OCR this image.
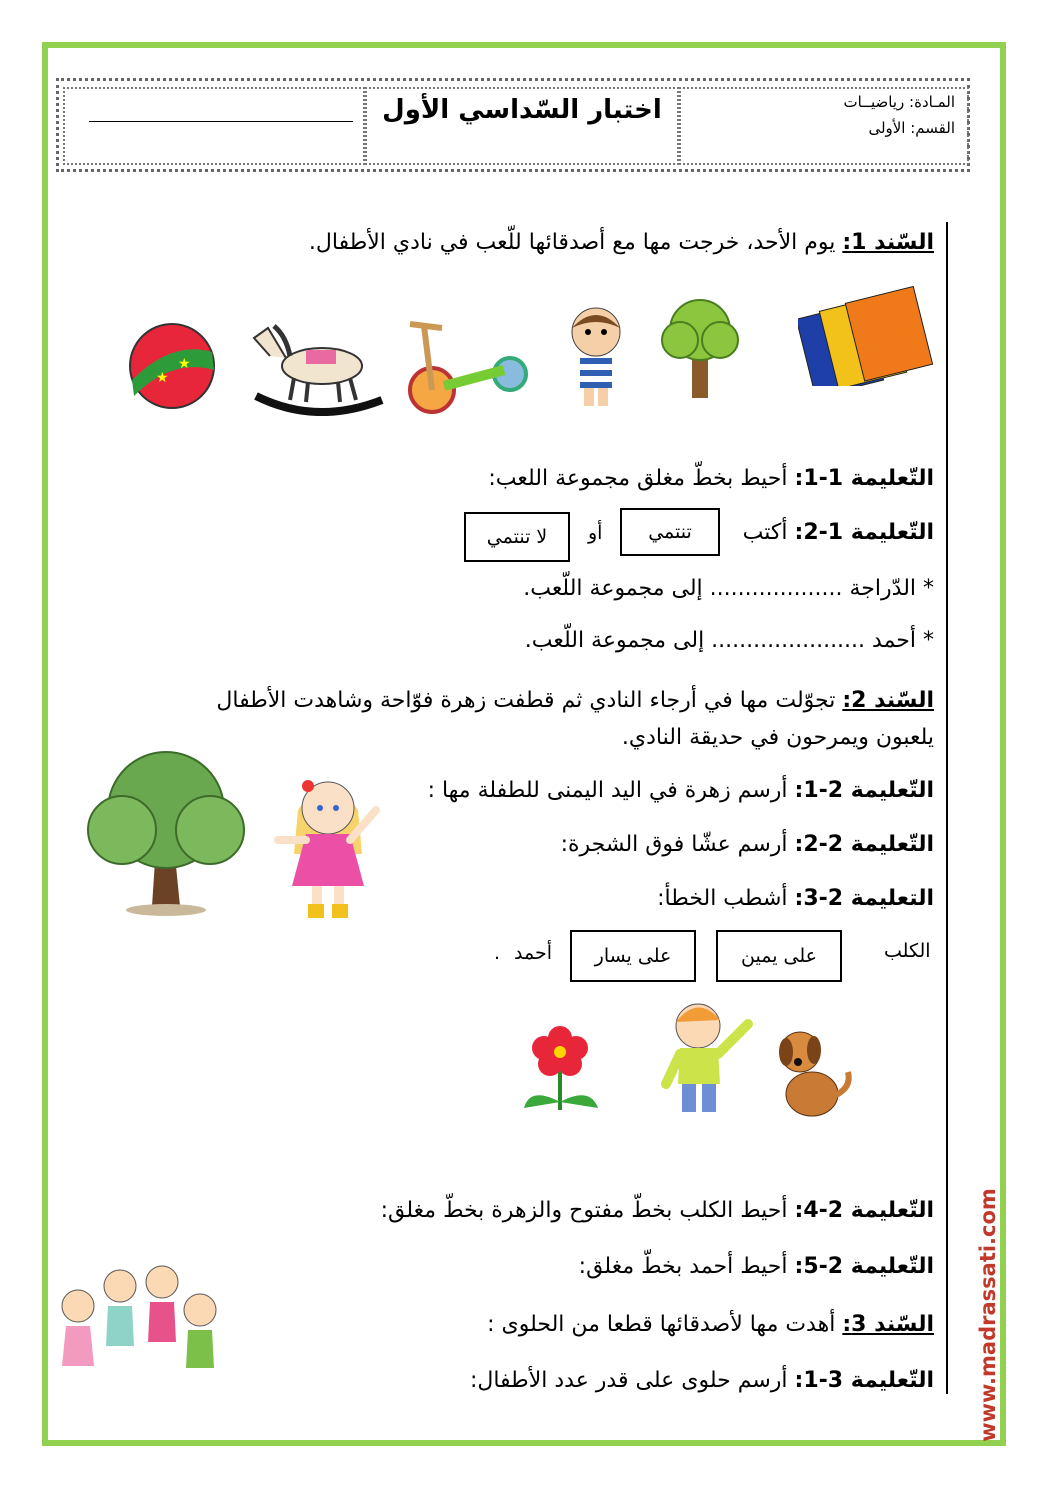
المـادة: رياضيــات
القسم: الأولى
اختبار السّداسي الأول
السّند 1: يوم الأحد، خرجت مها مع أصدقائها للّعب في نادي الأطفال.
★
★
التّعليمة 1-1: أحيط بخطّ مغلق مجموعة اللعب:
التّعليمة 1-2: أكتب
تنتمي
أو
لا تنتمي
* الدّراجة ................... إلى مجموعة اللّعب.
* أحمد ...................... إلى مجموعة اللّعب.
السّند 2: تجوّلت مها في أرجاء النادي ثم قطفت زهرة فوّاحة وشاهدت الأطفال يلعبون ويمرحون في حديقة النادي.
التّعليمة 2-1: أرسم زهرة في اليد اليمنى للطفلة مها :
التّعليمة 2-2: أرسم عشّا فوق الشجرة:
التعليمة 2-3: أشطب الخطأ:
الكلب
على يمين
على يسار
أحمد
.
التّعليمة 2-4: أحيط الكلب بخطّ مفتوح والزهرة بخطّ مغلق:
التّعليمة 2-5: أحيط أحمد بخطّ مغلق:
السّند 3: أهدت مها لأصدقائها قطعا من الحلوى :
التّعليمة 3-1: أرسم حلوى على قدر عدد الأطفال:	www.madrassati.com
